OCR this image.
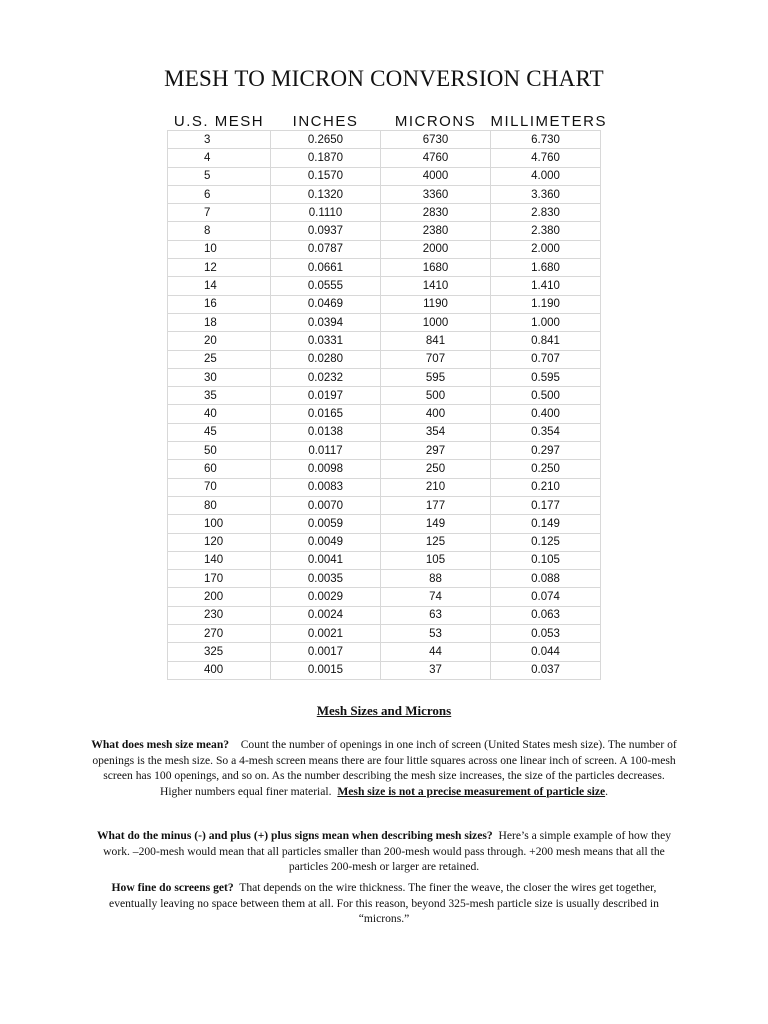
MESH TO MICRON CONVERSION CHART
U.S. MESH	INCHES	MICRONS	MILLIMETERS
3	0.2650	6730	6.730
4	0.1870	4760	4.760
5	0.1570	4000	4.000
6	0.1320	3360	3.360
7	0.1110	2830	2.830
8	0.0937	2380	2.380
10	0.0787	2000	2.000
12	0.0661	1680	1.680
14	0.0555	1410	1.410
16	0.0469	1190	1.190
18	0.0394	1000	1.000
20	0.0331	841	0.841
25	0.0280	707	0.707
30	0.0232	595	0.595
35	0.0197	500	0.500
40	0.0165	400	0.400
45	0.0138	354	0.354
50	0.0117	297	0.297
60	0.0098	250	0.250
70	0.0083	210	0.210
80	0.0070	177	0.177
100	0.0059	149	0.149
120	0.0049	125	0.125
140	0.0041	105	0.105
170	0.0035	88	0.088
200	0.0029	74	0.074
230	0.0024	63	0.063
270	0.0021	53	0.053
325	0.0017	44	0.044
400	0.0015	37	0.037
Mesh Sizes and Microns
What does mesh size mean? Count the number of openings in one inch of screen (United States mesh size). The number of openings is the mesh size. So a 4-mesh screen means there are four little squares across one linear inch of screen. A 100-mesh screen has 100 openings, and so on. As the number describing the mesh size increases, the size of the particles decreases. Higher numbers equal finer material. Mesh size is not a precise measurement of particle size.
What do the minus (-) and plus (+) plus signs mean when describing mesh sizes? Here’s a simple example of how they work. –200-mesh would mean that all particles smaller than 200-mesh would pass through. +200 mesh means that all the particles 200-mesh or larger are retained.
How fine do screens get? That depends on the wire thickness. The finer the weave, the closer the wires get together, eventually leaving no space between them at all. For this reason, beyond 325-mesh particle size is usually described in “microns.”
